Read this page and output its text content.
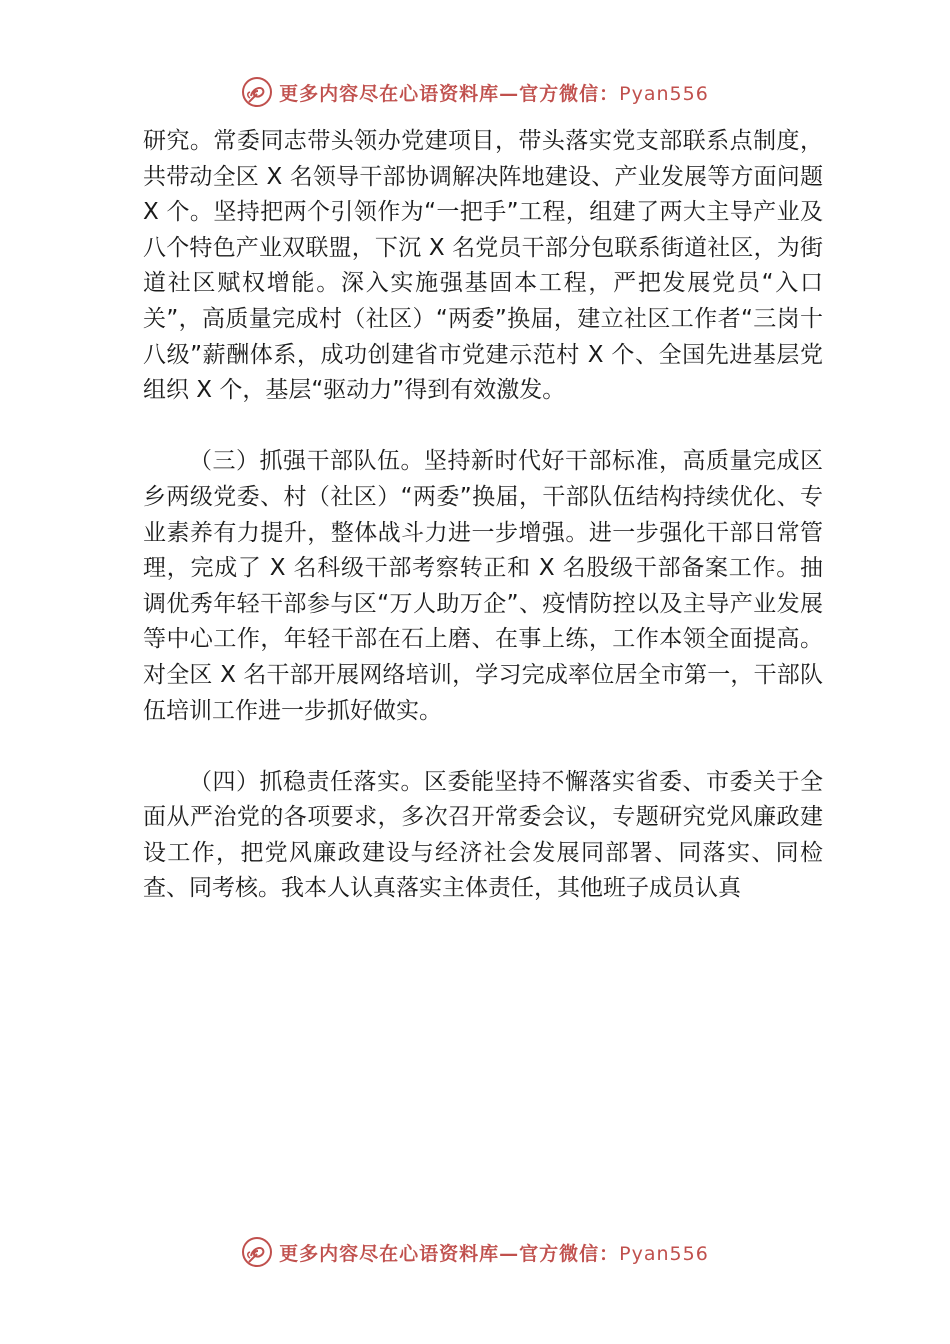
更多内容尽在心语资料库—官方微信：Pyan556

研究。常委同志带头领办党建项目，带头落实党支部联系点制度，共带动全区 X 名领导干部协调解决阵地建设、产业发展等方面问题 X 个。坚持把两个引领作为“一把手”工程，组建了两大主导产业及八个特色产业双联盟，下沉 X 名党员干部分包联系街道社区，为街道社区赋权增能。深入实施强基固本工程，严把发展党员“入口关”，高质量完成村（社区）“两委”换届，建立社区工作者“三岗十八级”薪酬体系，成功创建省市党建示范村 X 个、全国先进基层党组织 X 个，基层“驱动力”得到有效激发。

（三）抓强干部队伍。坚持新时代好干部标准，高质量完成区乡两级党委、村（社区）“两委”换届，干部队伍结构持续优化、专业素养有力提升，整体战斗力进一步增强。进一步强化干部日常管理，完成了 X 名科级干部考察转正和 X 名股级干部备案工作。抽调优秀年轻干部参与区“万人助万企”、疫情防控以及主导产业发展等中心工作，年轻干部在石上磨、在事上练，工作本领全面提高。对全区 X 名干部开展网络培训，学习完成率位居全市第一，干部队伍培训工作进一步抓好做实。

（四）抓稳责任落实。区委能坚持不懈落实省委、市委关于全面从严治党的各项要求，多次召开常委会议，专题研究党风廉政建设工作，把党风廉政建设与经济社会发展同部署、同落实、同检查、同考核。我本人认真落实主体责任，其他班子成员认真

更多内容尽在心语资料库—官方微信：Pyan556
